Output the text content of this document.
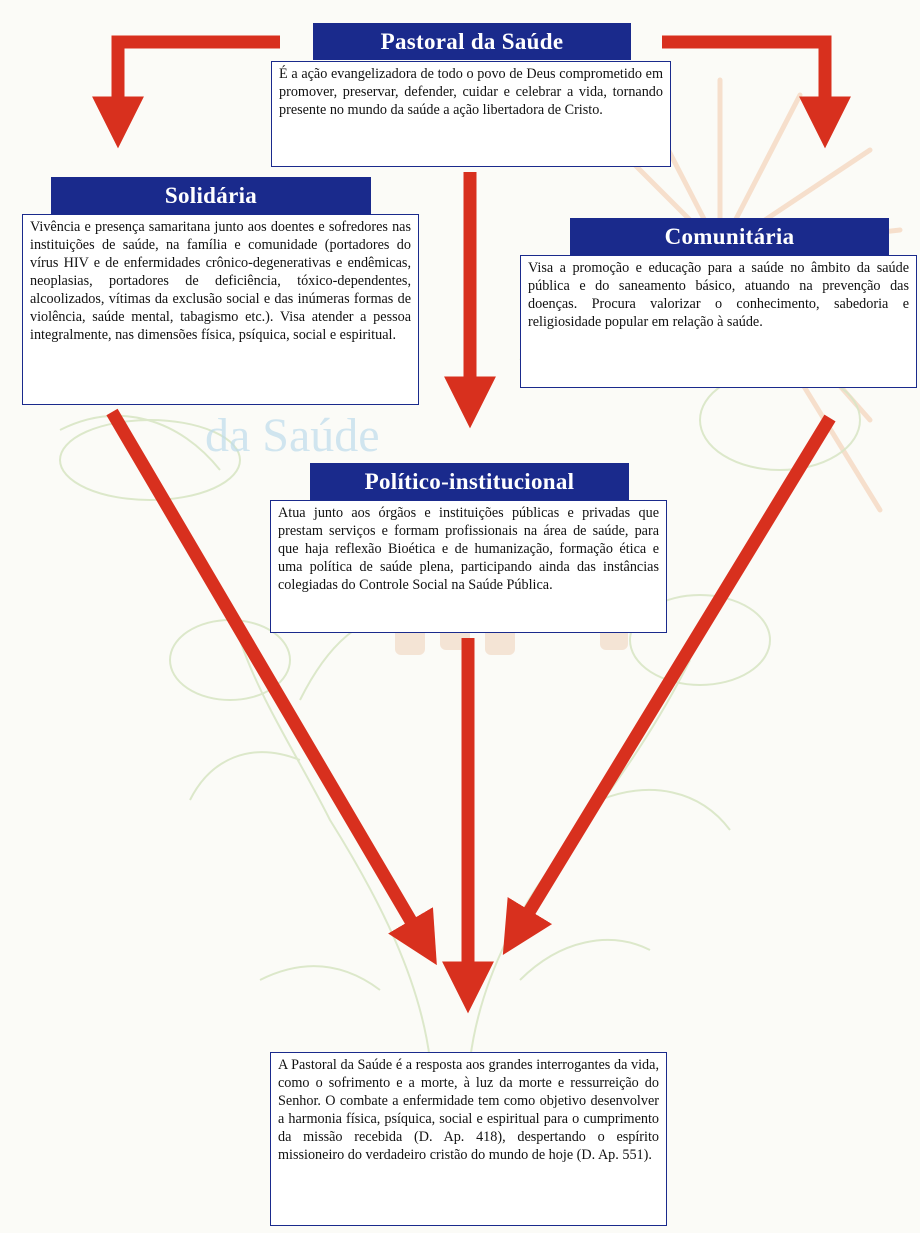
da Saúde
Pastoral da Saúde
É a ação evangelizadora de todo o povo de Deus comprometido em promover, preservar, defender, cuidar e celebrar a vida, tornando presente no mundo da saúde a ação libertadora de Cristo.
Solidária
Vivência e presença samaritana junto aos doentes e sofredores nas instituições de saúde, na família e comunidade (portadores do vírus HIV e de enfermidades crônico-degenerativas e endêmicas, neoplasias, portadores de deficiência, tóxico-dependentes, alcoolizados, vítimas da exclusão social e das inúmeras formas de violência, saúde mental, tabagismo etc.). Visa atender a pessoa integralmente, nas dimensões física, psíquica, social e espiritual.
Comunitária
Visa a promoção e educação para a saúde no âmbito da saúde pública e do saneamento básico, atuando na prevenção das doenças. Procura valorizar o conhecimento, sabedoria e religiosidade popular em relação à saúde.
Político-institucional
Atua junto aos órgãos e instituições públicas e privadas que prestam serviços e formam profissionais na área de saúde, para que haja reflexão Bioética e de humanização, formação ética e uma política de saúde plena, participando ainda das instâncias colegiadas do Controle Social na Saúde Pública.
A Pastoral da Saúde é a resposta aos grandes interrogantes da vida, como o sofrimento e a morte, à luz da morte e ressurreição do Senhor. O combate a enfermidade tem como objetivo desenvolver a harmonia física, psíquica, social e espiritual para o cumprimento da missão recebida (D. Ap. 418), despertando o espírito missioneiro do verdadeiro cristão do mundo de hoje (D. Ap. 551).
